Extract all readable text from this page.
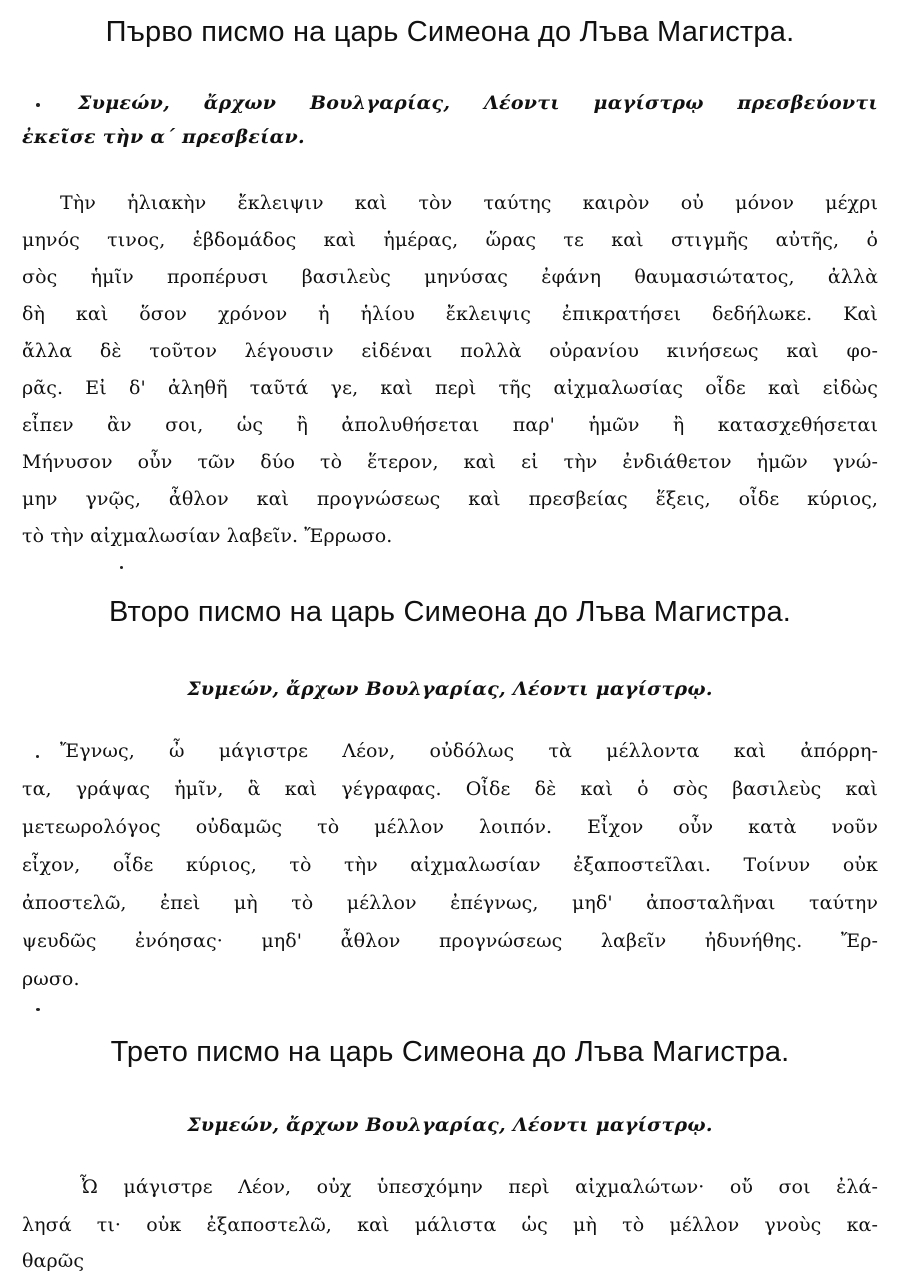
Първо писмо на царь Симеона до Лъва Магистра.
Συμεών, ἄρχων Βουλγαρίας, Λέοντι μαγίστρῳ πρεσβεύοντι
ἐκεῖσε τὴν α΄ πρεσβείαν.
Τὴν ἡλιακὴν ἔκλειψιν καὶ τὸν ταύτης καιρὸν οὐ μόνον μέχρι
μηνός τινος, ἑβδομάδος καὶ ἡμέρας, ὥρας τε καὶ στιγμῆς αὐτῆς, ὁ
σὸς ἡμῖν προπέρυσι βασιλεὺς μηνύσας ἐφάνη θαυμασιώτατος, ἀλλὰ
δὴ καὶ ὅσον χρόνον ἡ ἡλίου ἔκλειψις ἐπικρατήσει δεδήλωκε. Καὶ
ἄλλα δὲ τοῦτον λέγουσιν εἰδέναι πολλὰ οὐρανίου κινήσεως καὶ φο-
ρᾶς. Εἰ δ' ἀληθῆ ταῦτά γε, καὶ περὶ τῆς αἰχμαλωσίας οἶδε καὶ εἰδὼς
εἶπεν ἂν σοι, ὡς ἢ ἀπολυθήσεται παρ' ἡμῶν ἢ κατασχεθήσεται
Μήνυσον οὖν τῶν δύο τὸ ἕτερον, καὶ εἰ τὴν ἐνδιάθετον ἡμῶν γνώ-
μην γνῷς, ἆθλον καὶ προγνώσεως καὶ πρεσβείας ἕξεις, οἶδε κύριος,
τὸ τὴν αἰχμαλωσίαν λαβεῖν. Ἔρρωσο.
Второ писмо на царь Симеона до Лъва Магистра.
Συμεών, ἄρχων Βουλγαρίας, Λέοντι μαγίστρῳ.
Ἔγνως, ὦ μάγιστρε Λέον, οὐδόλως τὰ μέλλοντα καὶ ἀπόρρη-
τα, γράψας ἡμῖν, ἃ καὶ γέγραφας. Οἶδε δὲ καὶ ὁ σὸς βασιλεὺς καὶ
μετεωρολόγος οὐδαμῶς τὸ μέλλον λοιπόν. Εἶχον οὖν κατὰ νοῦν
εἶχον, οἶδε κύριος, τὸ τὴν αἰχμαλωσίαν ἐξαποστεῖλαι. Τοίνυν οὐκ
ἀποστελῶ, ἐπεὶ μὴ τὸ μέλλον ἐπέγνως, μηδ' ἀποσταλῆναι ταύτην
ψευδῶς ἐνόησας· μηδ' ἆθλον προγνώσεως λαβεῖν ἠδυνήθης. Ἔρ-
ρωσο.
Трето писмо на царь Симеона до Лъва Магистра.
Συμεών, ἄρχων Βουλγαρίας, Λέοντι μαγίστρῳ.
Ὦ μάγιστρε Λέον, οὐχ ὑπεσχόμην περὶ αἰχμαλώτων· οὔ σοι ἐλά-
λησά τι· οὐκ ἐξαποστελῶ, καὶ μάλιστα ὡς μὴ τὸ μέλλον γνοὺς κα-
θαρῶς
